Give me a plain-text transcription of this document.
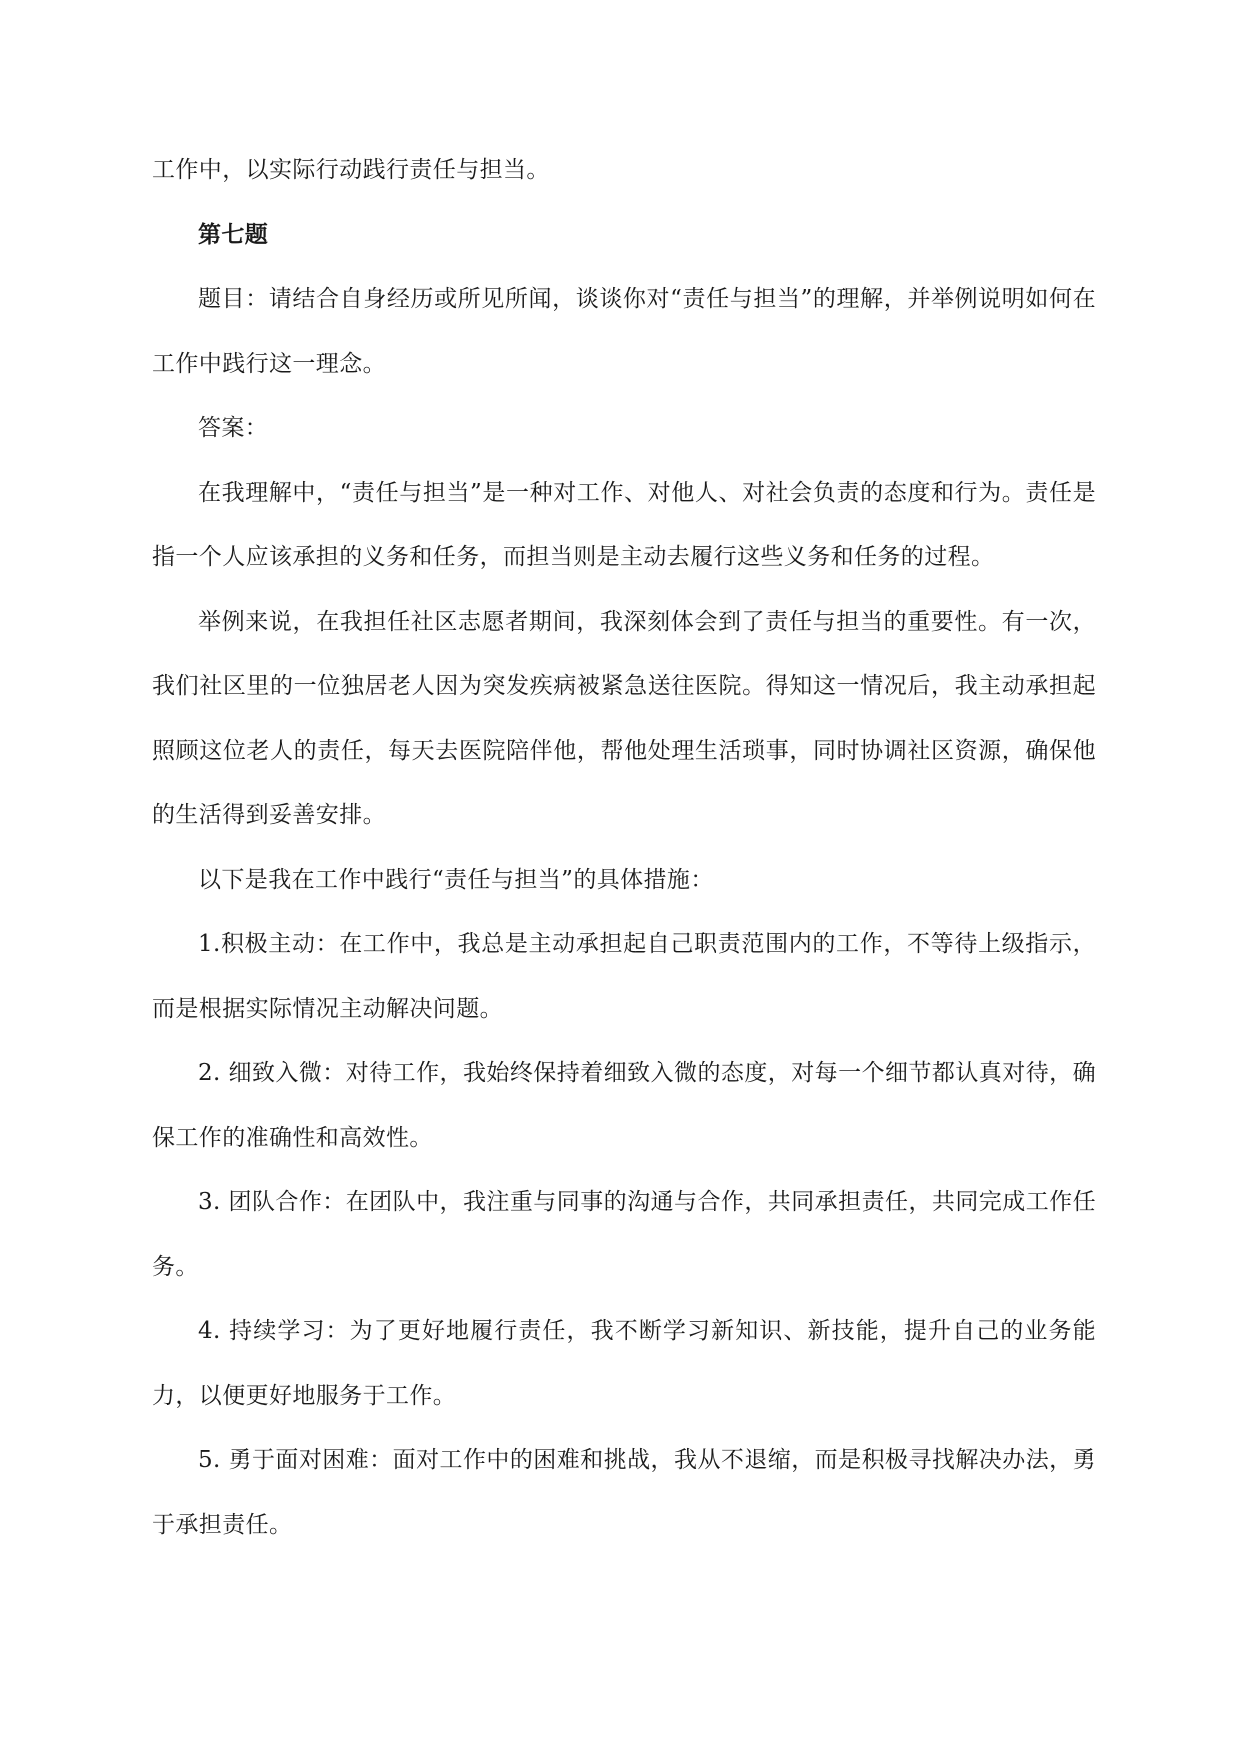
工作中，以实际行动践行责任与担当。

第七题

题目：请结合自身经历或所见所闻，谈谈你对“责任与担当”的理解，并举例说明如何在工作中践行这一理念。

答案：

在我理解中，“责任与担当”是一种对工作、对他人、对社会负责的态度和行为。责任是指一个人应该承担的义务和任务，而担当则是主动去履行这些义务和任务的过程。

举例来说，在我担任社区志愿者期间，我深刻体会到了责任与担当的重要性。有一次，我们社区里的一位独居老人因为突发疾病被紧急送往医院。得知这一情况后，我主动承担起照顾这位老人的责任，每天去医院陪伴他，帮他处理生活琐事，同时协调社区资源，确保他的生活得到妥善安排。

以下是我在工作中践行“责任与担当”的具体措施：

1.积极主动：在工作中，我总是主动承担起自己职责范围内的工作，不等待上级指示，而是根据实际情况主动解决问题。

2. 细致入微：对待工作，我始终保持着细致入微的态度，对每一个细节都认真对待，确保工作的准确性和高效性。

3. 团队合作：在团队中，我注重与同事的沟通与合作，共同承担责任，共同完成工作任务。

4. 持续学习：为了更好地履行责任，我不断学习新知识、新技能，提升自己的业务能力，以便更好地服务于工作。

5. 勇于面对困难：面对工作中的困难和挑战，我从不退缩，而是积极寻找解决办法，勇于承担责任。
